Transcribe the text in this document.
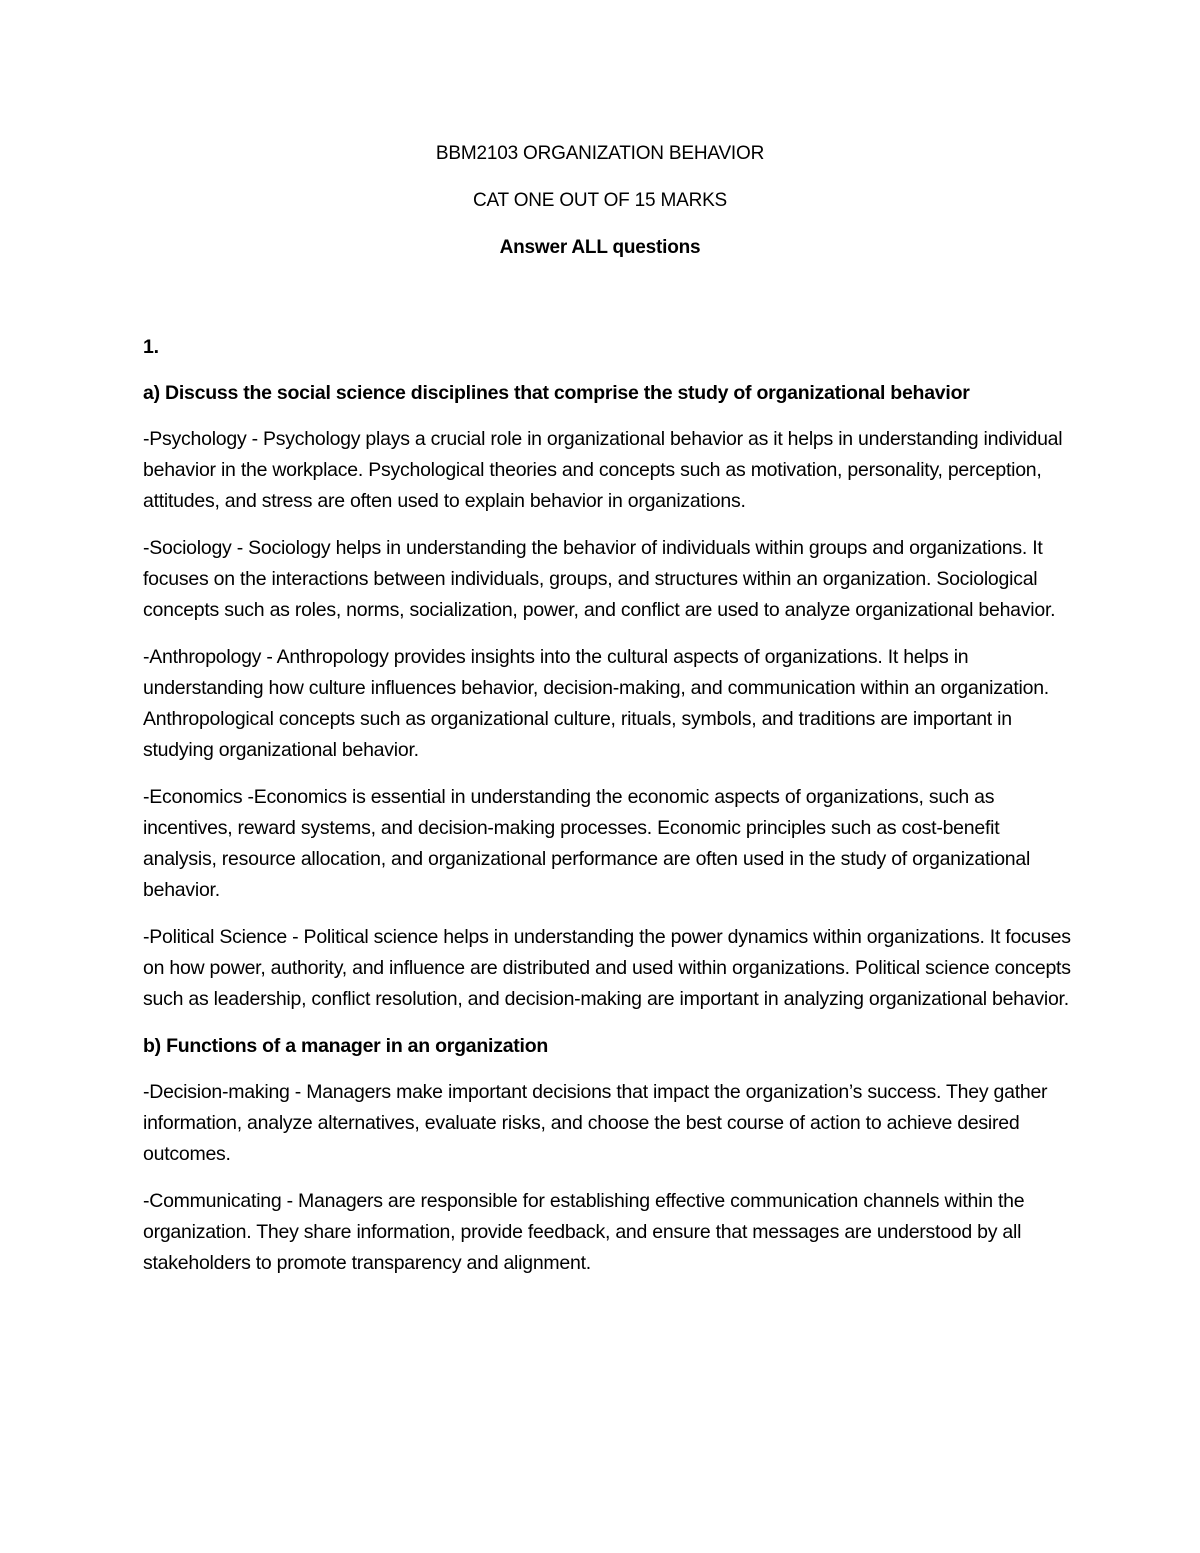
BBM2103 ORGANIZATION BEHAVIOR

CAT ONE OUT OF 15 MARKS

Answer ALL questions

1.

a) Discuss the social science disciplines that comprise the study of organizational behavior

-Psychology - Psychology plays a crucial role in organizational behavior as it helps in understanding individual behavior in the workplace. Psychological theories and concepts such as motivation, personality, perception, attitudes, and stress are often used to explain behavior in organizations.

-Sociology - Sociology helps in understanding the behavior of individuals within groups and organizations. It focuses on the interactions between individuals, groups, and structures within an organization. Sociological concepts such as roles, norms, socialization, power, and conflict are used to analyze organizational behavior.

-Anthropology - Anthropology provides insights into the cultural aspects of organizations. It helps in understanding how culture influences behavior, decision-making, and communication within an organization. Anthropological concepts such as organizational culture, rituals, symbols, and traditions are important in studying organizational behavior.

-Economics -Economics is essential in understanding the economic aspects of organizations, such as incentives, reward systems, and decision-making processes. Economic principles such as cost-benefit analysis, resource allocation, and organizational performance are often used in the study of organizational behavior.

-Political Science - Political science helps in understanding the power dynamics within organizations. It focuses on how power, authority, and influence are distributed and used within organizations. Political science concepts such as leadership, conflict resolution, and decision-making are important in analyzing organizational behavior.

b) Functions of a manager in an organization

-Decision-making - Managers make important decisions that impact the organization’s success. They gather information, analyze alternatives, evaluate risks, and choose the best course of action to achieve desired outcomes.

-Communicating - Managers are responsible for establishing effective communication channels within the organization. They share information, provide feedback, and ensure that messages are understood by all stakeholders to promote transparency and alignment.
